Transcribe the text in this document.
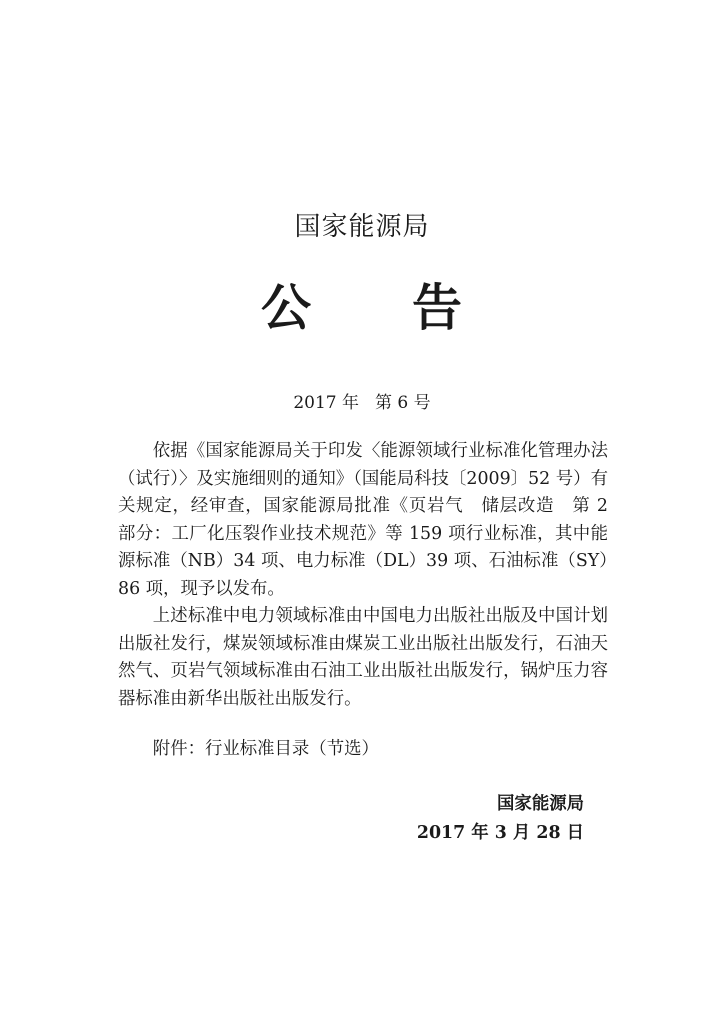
国家能源局
公 告
2017 年 第 6 号

依据《国家能源局关于印发〈能源领域行业标准化管理办法（试行）〉及实施细则的通知》（国能局科技〔2009〕52 号）有关规定，经审查，国家能源局批准《页岩气　储层改造　第 2 部分：工厂化压裂作业技术规范》等 159 项行业标准，其中能源标准（NB）34 项、电力标准（DL）39 项、石油标准（SY）86 项，现予以发布。

上述标准中电力领域标准由中国电力出版社出版及中国计划出版社发行，煤炭领域标准由煤炭工业出版社出版发行，石油天然气、页岩气领域标准由石油工业出版社出版发行，锅炉压力容器标准由新华出版社出版发行。

附件：行业标准目录（节选）
国家能源局
2017 年 3 月 28 日
